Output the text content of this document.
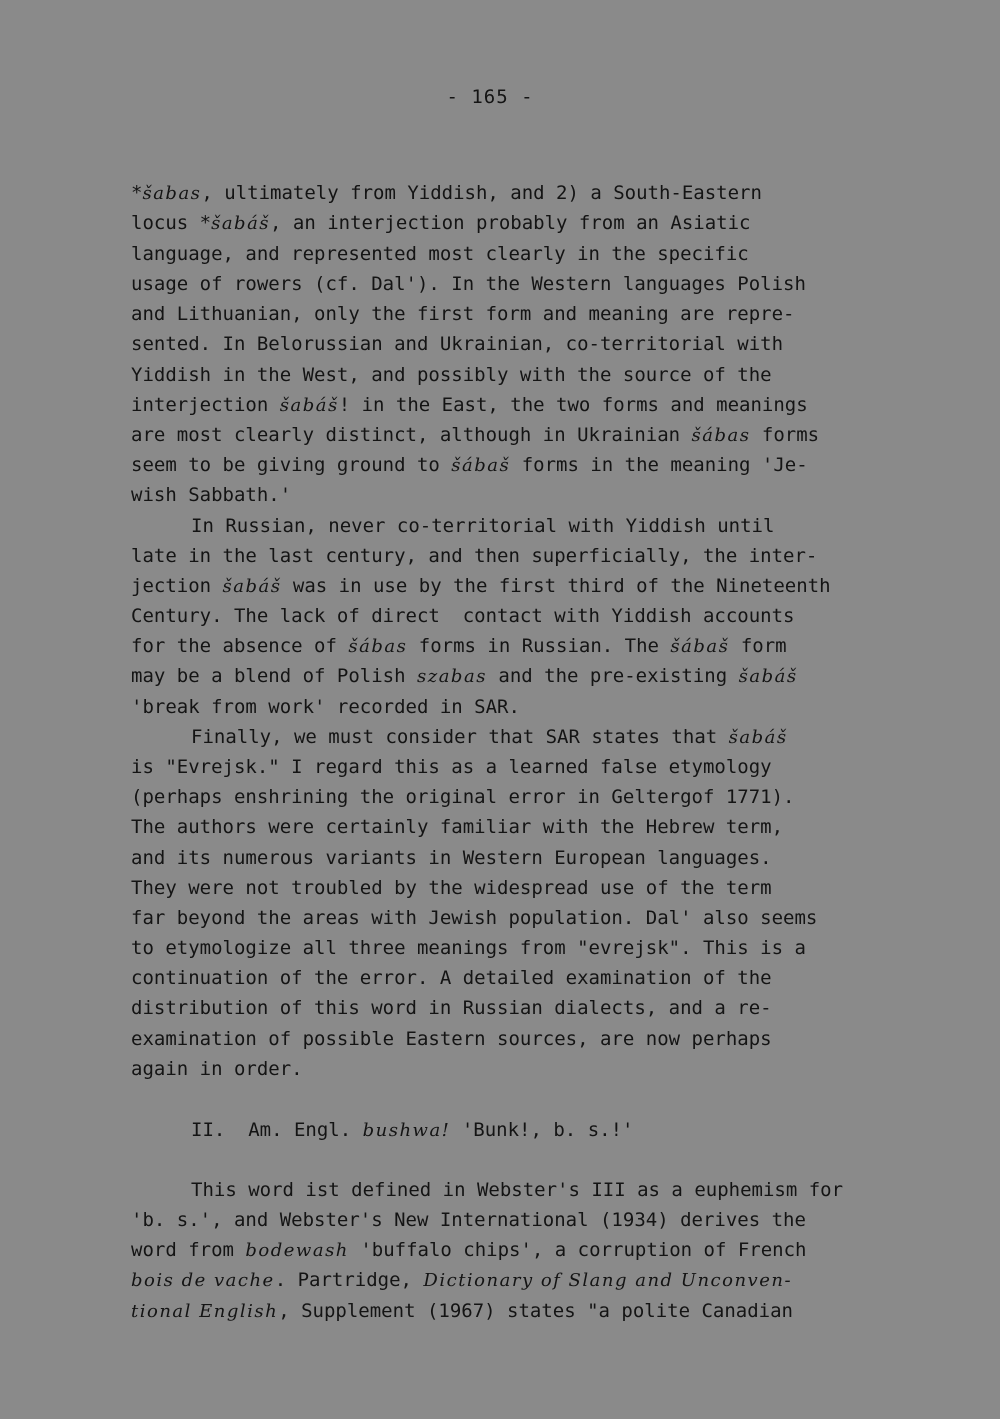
- 165 -
*šabas, ultimately from Yiddish, and 2) a South-Eastern
locus *šabáš, an interjection probably from an Asiatic
language, and represented most clearly in the specific
usage of rowers (cf. Dal'). In the Western languages Polish
and Lithuanian, only the first form and meaning are repre-
sented. In Belorussian and Ukrainian, co-territorial with
Yiddish in the West, and possibly with the source of the
interjection šabáš! in the East, the two forms and meanings
are most clearly distinct, although in Ukrainian šábas forms
seem to be giving ground to šábaš forms in the meaning 'Je-
wish Sabbath.'
In Russian, never co-territorial with Yiddish until
late in the last century, and then superficially, the inter-
jection šabáš was in use by the first third of the Nineteenth
Century. The lack of direct  contact with Yiddish accounts
for the absence of šábas forms in Russian. The šábaš form
may be a blend of Polish szabas and the pre-existing šabáš
'break from work' recorded in SAR.
Finally, we must consider that SAR states that šabáš
is "Evrejsk." I regard this as a learned false etymology
(perhaps enshrining the original error in Geltergof 1771).
The authors were certainly familiar with the Hebrew term,
and its numerous variants in Western European languages.
They were not troubled by the widespread use of the term
far beyond the areas with Jewish population. Dal' also seems
to etymologize all three meanings from "evrejsk". This is a
continuation of the error. A detailed examination of the
distribution of this word in Russian dialects, and a re-
examination of possible Eastern sources, are now perhaps
again in order.
II.  Am. Engl. bushwa! 'Bunk!, b. s.!'
This word ist defined in Webster's III as a euphemism for
'b. s.', and Webster's New International (1934) derives the
word from bodewash 'buffalo chips', a corruption of French
bois de vache. Partridge, Dictionary of Slang and Unconven-
tional English, Supplement (1967) states "a polite Canadian
